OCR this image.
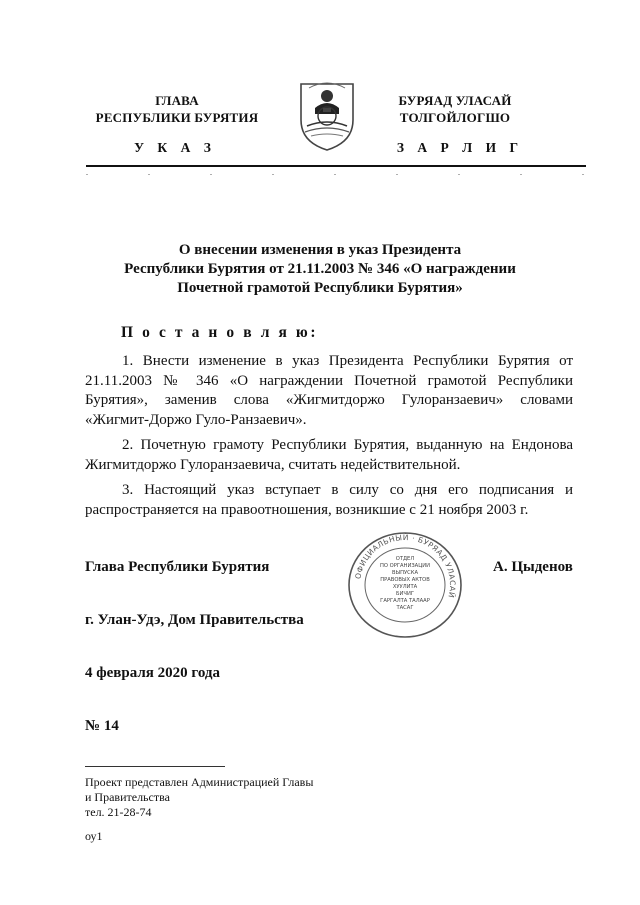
ГЛАВА
РЕСПУБЛИКИ БУРЯТИЯ
БУРЯАД УЛАСАЙ
ТОЛГОЙЛОГШО
У К А З	З А Р Л И Г
О внесении изменения в указ Президента
Республики Бурятия от 21.11.2003 № 346 «О награждении
Почетной грамотой Республики Бурятия»
П о с т а н о в л я ю:
1. Внести изменение в указ Президента Республики Бурятия от 21.11.2003 № 346 «О награждении Почетной грамотой Республики Бурятия», заменив слова «Жигмитдоржо Гулоранзаевич» словами «Жигмит-Доржо Гуло-Ранзаевич».
2. Почетную грамоту Республики Бурятия, выданную на Ендонова Жигмитдоржо Гулоранзаевича, считать недействительной.
3. Настоящий указ вступает в силу со дня его подписания и распространяется на правоотношения, возникшие с 21 ноября 2003 г.
Глава Республики Бурятия	А. Цыденов
ОФИЦИАЛЬНЫЙ · БУРЯАД УЛАСАЙ
ОТДЕЛ
ПО ОРГАНИЗАЦИИ
ВЫПУСКА
ПРАВОВЫХ АКТОВ
ХУУЛИТА
БИЧИГ
ГАРГАЛТА ТАЛААР
ТАСАГ
г. Улан-Удэ, Дом Правительства
4 февраля 2020 года
№ 14
Проект представлен Администрацией Главы
и Правительства
тел. 21-28-74
оу1
